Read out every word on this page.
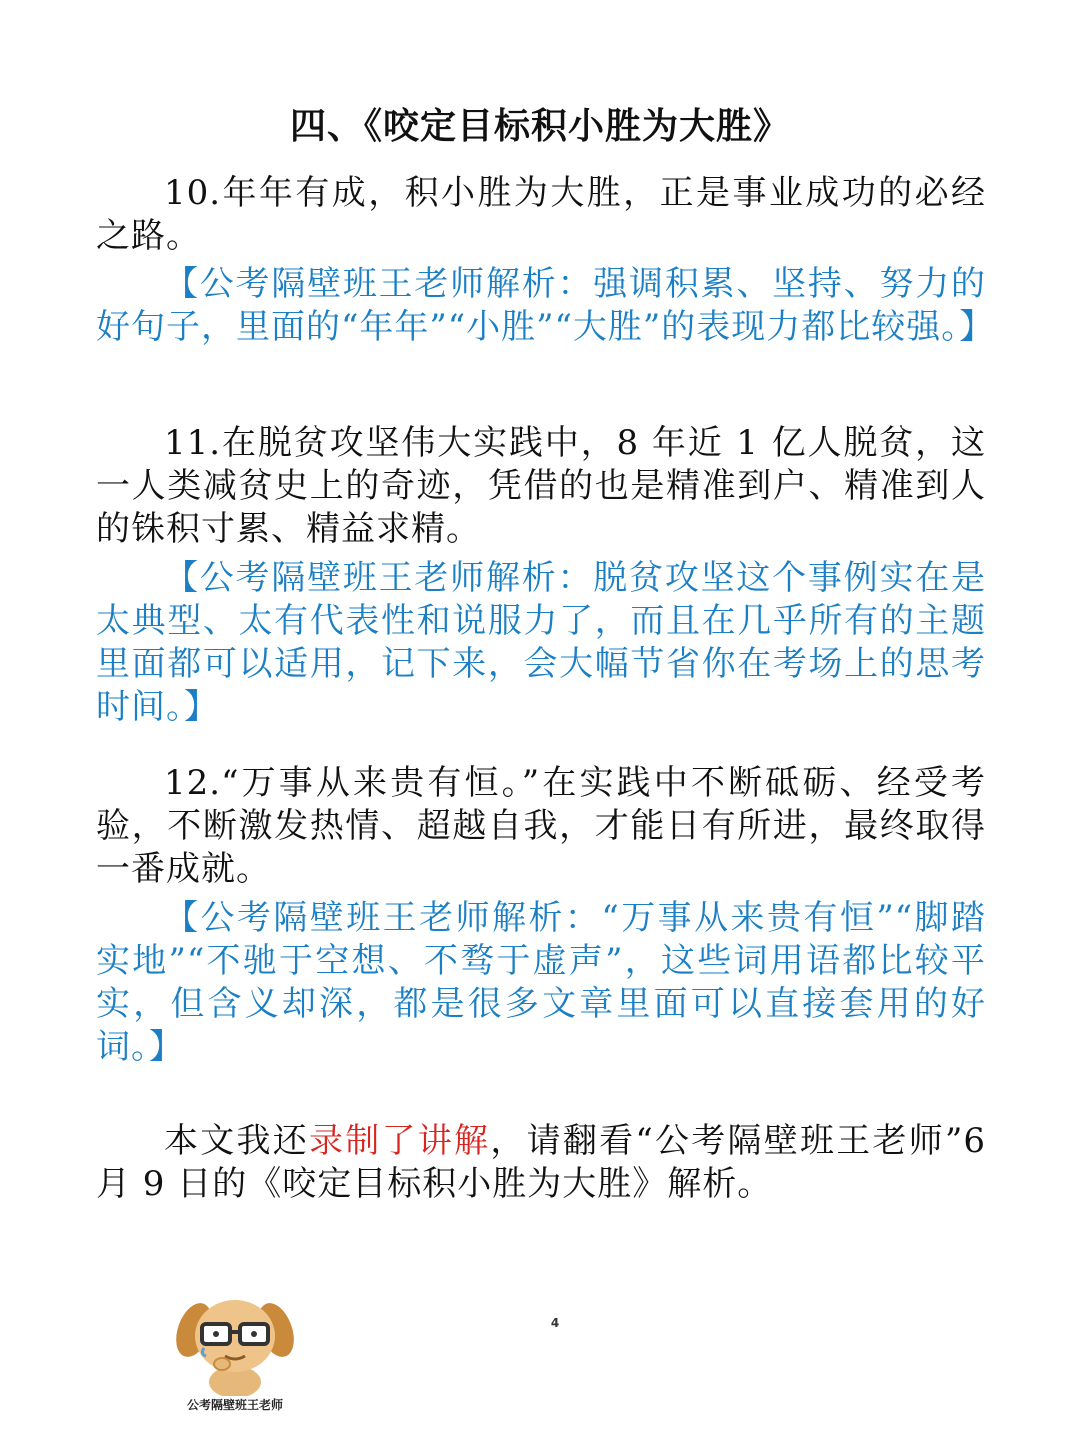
四、《咬定目标积小胜为大胜》
10.年年有成，积小胜为大胜，正是事业成功的必经之路。
【公考隔壁班王老师解析：强调积累、坚持、努力的好句子，里面的“年年”“小胜”“大胜”的表现力都比较强。】
11.在脱贫攻坚伟大实践中，8 年近 1 亿人脱贫，这一人类减贫史上的奇迹，凭借的也是精准到户、精准到人的铢积寸累、精益求精。
【公考隔壁班王老师解析：脱贫攻坚这个事例实在是太典型、太有代表性和说服力了，而且在几乎所有的主题里面都可以适用，记下来，会大幅节省你在考场上的思考时间。】
12.“万事从来贵有恒。”在实践中不断砥砺、经受考验，不断激发热情、超越自我，才能日有所进，最终取得一番成就。
【公考隔壁班王老师解析：“万事从来贵有恒”“脚踏实地”“不驰于空想、不骛于虚声”，这些词用语都比较平实，但含义却深，都是很多文章里面可以直接套用的好词。】
本文我还录制了讲解，请翻看“公考隔壁班王老师”6 月 9 日的《咬定目标积小胜为大胜》解析。
4
公考隔壁班王老师
